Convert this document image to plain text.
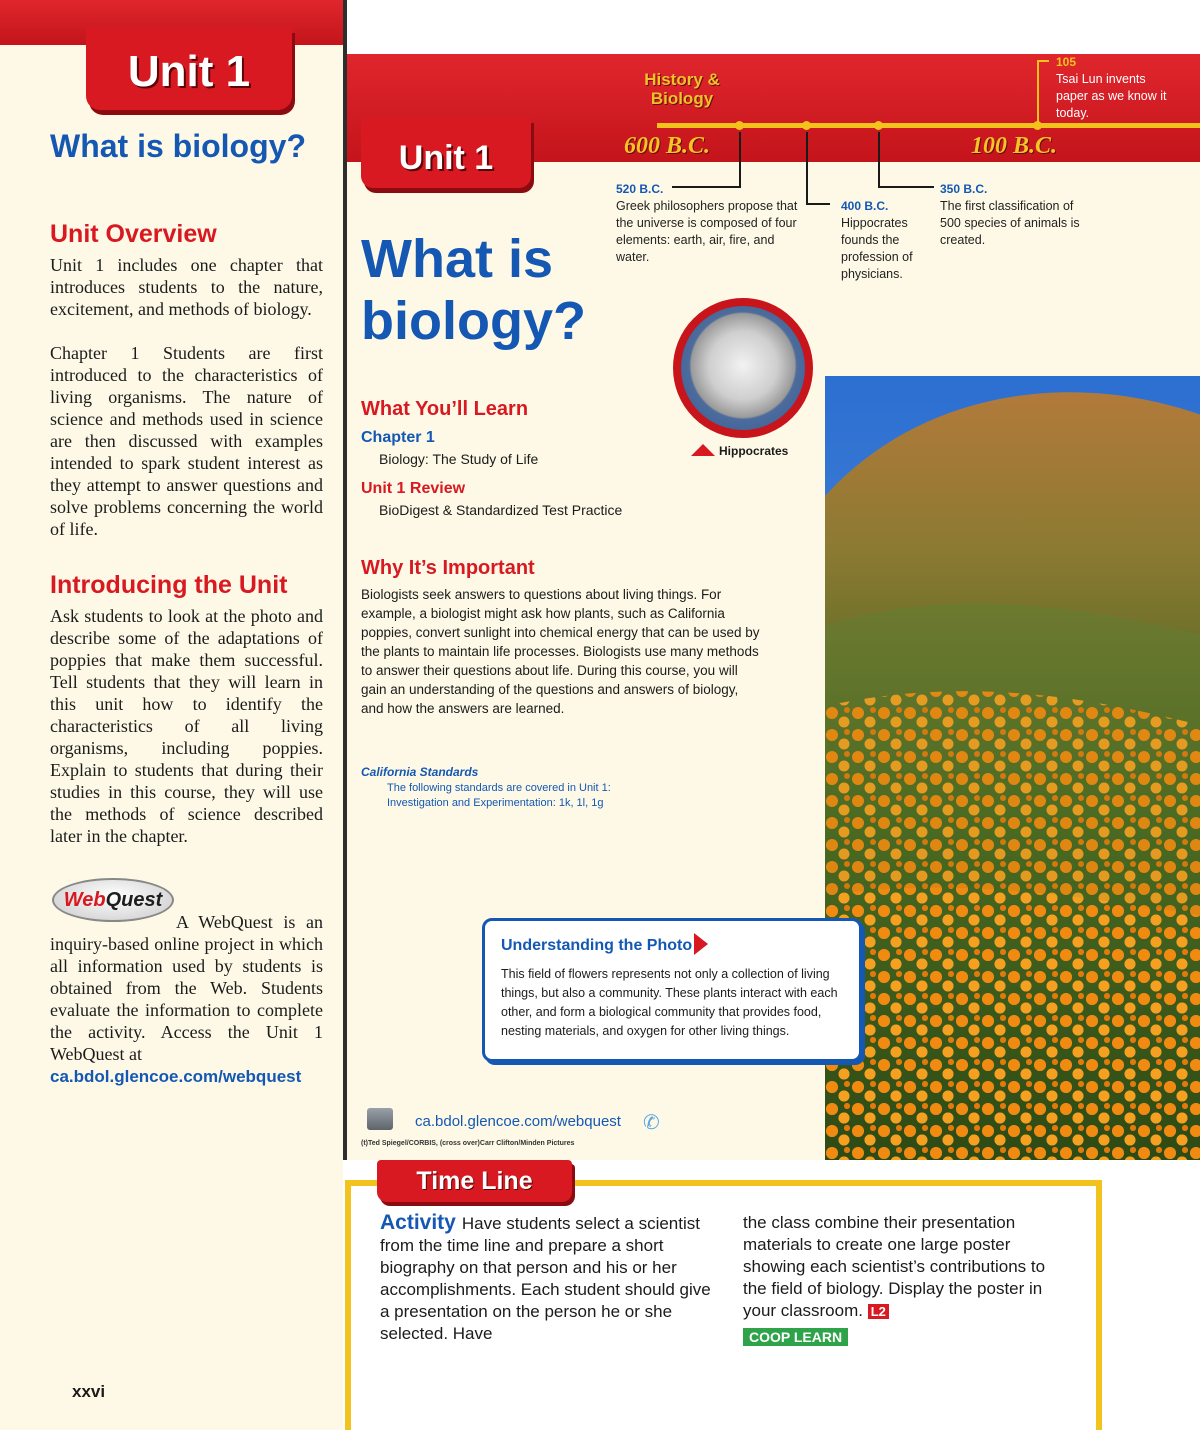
Unit 1
What is biology?
Unit Overview
Unit 1 includes one chapter that introduces students to the nature, excitement, and methods of biology.
Chapter 1 Students are first introduced to the characteristics of living organisms. The nature of science and methods used in science are then discussed with examples intended to spark student interest as they attempt to answer questions and solve problems concerning the world of life.
Introducing the Unit
Ask students to look at the photo and describe some of the adaptations of poppies that make them successful. Tell students that they will learn in this unit how to identify the characteristics of all living organisms, including poppies. Explain to students that during their studies in this course, they will use the methods of science described later in the chapter.
WebQuest
A WebQuest is an inquiry-based online project in which all information used by students is obtained from the Web. Students evaluate the information to complete the activity. Access the Unit 1 WebQuest at
ca.bdol.glencoe.com/webquest
xxvi
History &
Biology
600 B.C.	100 B.C.
Unit 1
520 B.C.
Greek philosophers propose that the universe is composed of four elements: earth, air, fire, and water.
400 B.C.
Hippocrates founds the profession of physicians.
350 B.C.
The first classification of 500 species of animals is created.
105
Tsai Lun invents paper as we know it today.
What is
biology?
Hippocrates
What You’ll Learn
Chapter 1
Biology: The Study of Life
Unit 1 Review
BioDigest & Standardized Test Practice
Why It’s Important
Biologists seek answers to questions about living things. For example, a biologist might ask how plants, such as California poppies, convert sunlight into chemical energy that can be used by the plants to maintain life processes. Biologists use many methods to answer their questions about life. During this course, you will gain an understanding of the questions and answers of biology, and how the answers are learned.
California Standards
The following standards are covered in Unit 1:
Investigation and Experimentation: 1k, 1l, 1g
Understanding the Photo

This field of flowers represents not only a collection of living things, but also a community. These plants interact with each other, and form a biological community that provides food, nesting materials, and oxygen for other living things.

ca.bdol.glencoe.com/webquest ✆
(t)Ted Spiegel/CORBIS, (cross over)Carr Clifton/Minden Pictures
Time Line
Activity Have students select a scientist from the time line and prepare a short biography on that person and his or her accomplishments. Each student should give a presentation on the person he or she selected. Have
the class combine their presentation materials to create one large poster showing each scientist’s contributions to the field of biology. Display the poster in your classroom. L2
COOP LEARN
